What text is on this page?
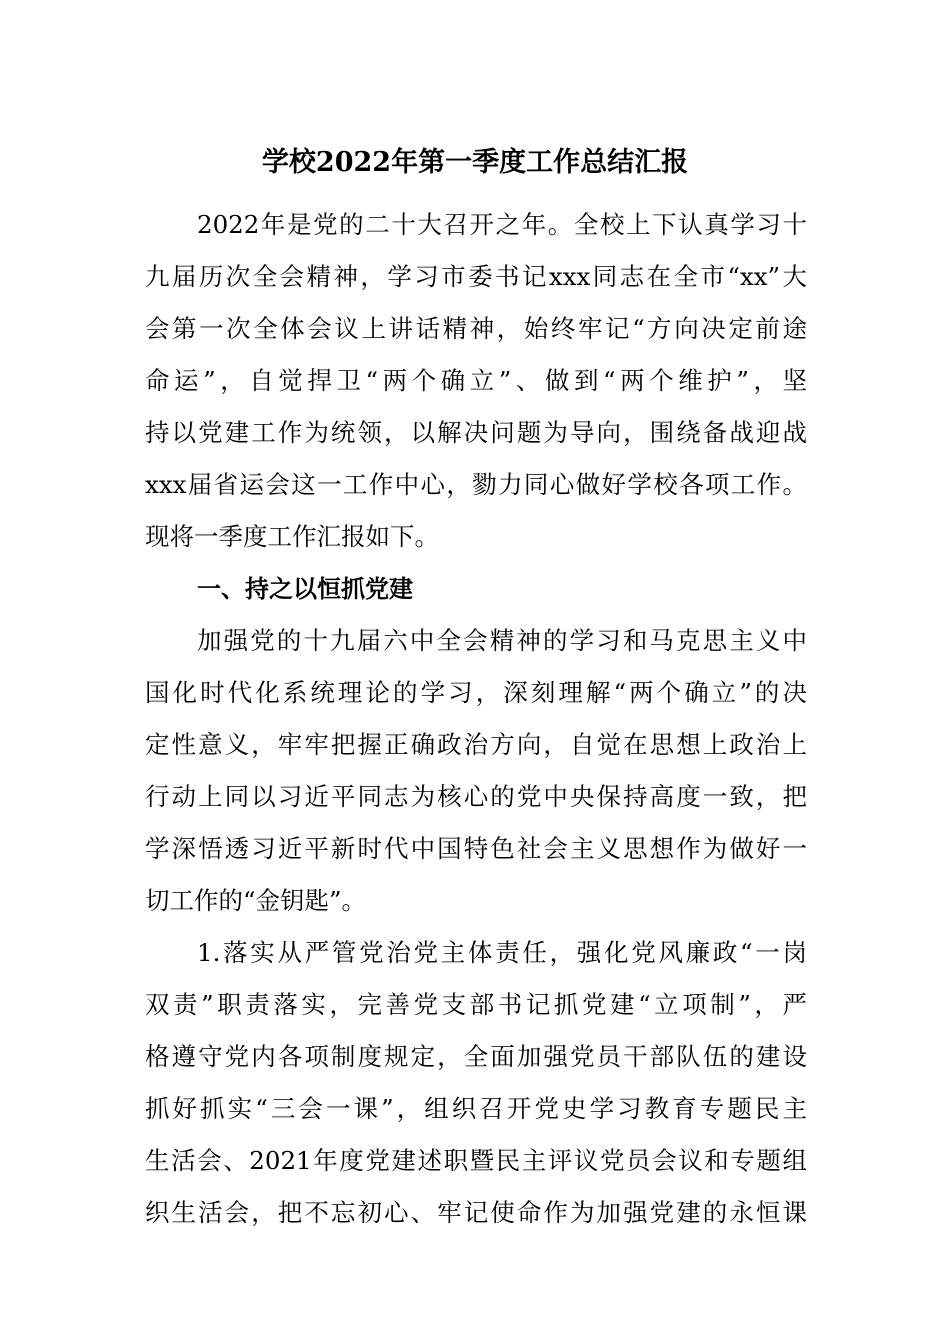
学校2022年第一季度工作总结汇报
2022年是党的二十大召开之年。全校上下认真学习十
九届历次全会精神，学习市委书记xxx同志在全市“xx”大
会第一次全体会议上讲话精神，始终牢记“方向决定前途
命运”，自觉捍卫“两个确立”、做到“两个维护”，坚
持以党建工作为统领，以解决问题为导向，围绕备战迎战
xxx届省运会这一工作中心，勠力同心做好学校各项工作。
现将一季度工作汇报如下。
一、持之以恒抓党建
加强党的十九届六中全会精神的学习和马克思主义中
国化时代化系统理论的学习，深刻理解“两个确立”的决
定性意义，牢牢把握正确政治方向，自觉在思想上政治上
行动上同以习近平同志为核心的党中央保持高度一致，把
学深悟透习近平新时代中国特色社会主义思想作为做好一
切工作的“金钥匙”。
1.落实从严管党治党主体责任，强化党风廉政“一岗
双责”职责落实，完善党支部书记抓党建“立项制”，严
格遵守党内各项制度规定，全面加强党员干部队伍的建设
抓好抓实“三会一课”，组织召开党史学习教育专题民主
生活会、2021年度党建述职暨民主评议党员会议和专题组
织生活会，把不忘初心、牢记使命作为加强党建的永恒课
